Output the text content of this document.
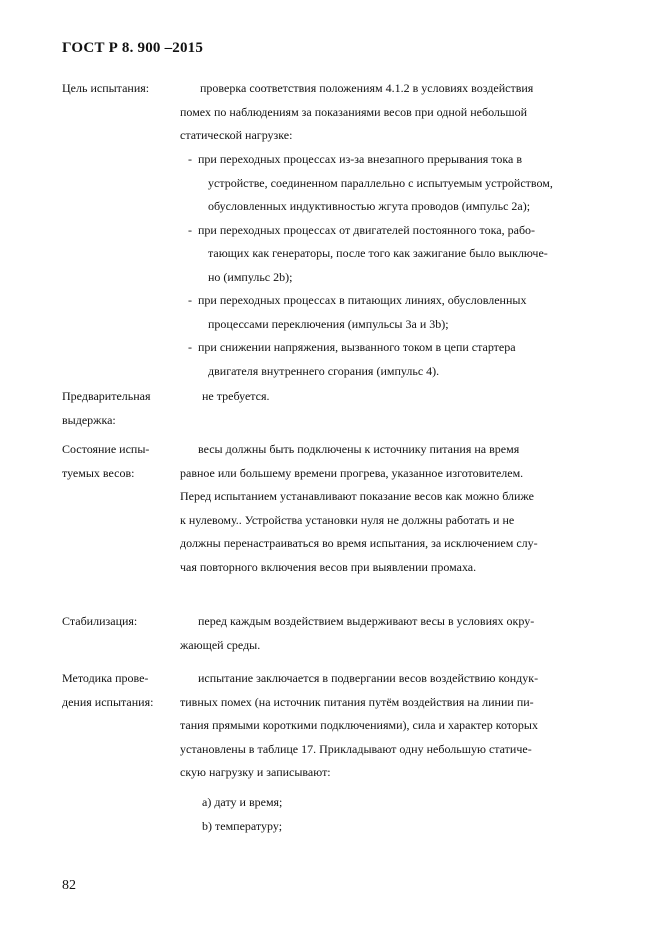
ГОСТ Р 8. 900 –2015
Цель испытания:	проверка соответствия положениям 4.1.2 в условиях воздействия
помех по наблюдениям за показаниями весов при одной небольшой
статической нагрузке:
- при переходных процессах из-за внезапного прерывания тока в
устройстве, соединенном параллельно с испытуемым устройством,
обусловленных индуктивностью жгута проводов (импульс 2а);
- при переходных процессах от двигателей постоянного тока, рабо-
тающих как генераторы, после того как зажигание было выключе-
но (импульс 2b);
- при переходных процессах в питающих линиях, обусловленных
процессами переключения (импульсы 3а и 3b);
- при снижении напряжения, вызванного током в цепи стартера
двигателя внутреннего сгорания (импульс 4).
Предварительная
выдержка:
не требуется.
Состояние испы-
туемых весов:
весы должны быть подключены к источнику питания на время
равное или большему времени прогрева, указанное изготовителем.
Перед испытанием устанавливают показание весов как можно ближе
к нулевому.. Устройства установки нуля не должны работать и не
должны перенастраиваться во время испытания, за исключением слу-
чая повторного включения весов при выявлении промаха.
Стабилизация:	перед каждым воздействием выдерживают весы в условиях окру-
жающей среды.
Методика прове-
дения испытания:
испытание заключается в подвергании весов воздействию кондук-
тивных помех (на источник питания путём воздействия на линии пи-
тания прямыми короткими подключениями), сила и характер которых
установлены в таблице 17. Прикладывают одну небольшую статиче-
скую нагрузку и записывают:
а) дату и время;
b) температуру;
82
